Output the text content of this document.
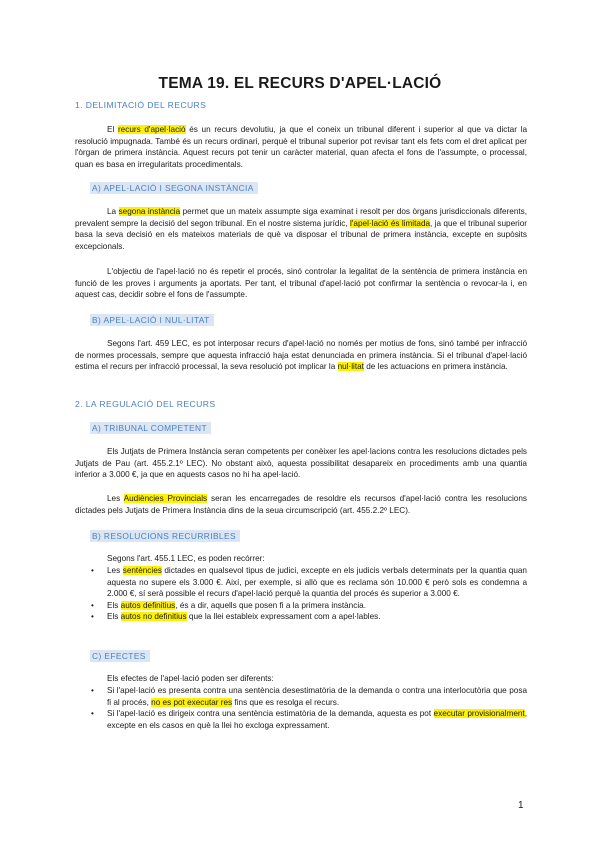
TEMA 19. EL RECURS D'APEL·LACIÓ
1. DELIMITACIÓ DEL RECURS
El recurs d'apel·lació és un recurs devolutiu, ja que el coneix un tribunal diferent i superior al que va dictar la resolució impugnada. També és un recurs ordinari, perquè el tribunal superior pot revisar tant els fets com el dret aplicat per l'òrgan de primera instància. Aquest recurs pot tenir un caràcter material, quan afecta el fons de l'assumpte, o processal, quan es basa en irregularitats procedimentals.
A) APEL·LACIÓ I SEGONA INSTÀNCIA
La segona instància permet que un mateix assumpte siga examinat i resolt per dos òrgans jurisdiccionals diferents, prevalent sempre la decisió del segon tribunal. En el nostre sistema jurídic, l'apel·lació és limitada, ja que el tribunal superior basa la seva decisió en els mateixos materials de què va disposar el tribunal de primera instància, excepte en supòsits excepcionals.
L'objectiu de l'apel·lació no és repetir el procés, sinó controlar la legalitat de la sentència de primera instància en funció de les proves i arguments ja aportats. Per tant, el tribunal d'apel·lació pot confirmar la sentència o revocar-la i, en aquest cas, decidir sobre el fons de l'assumpte.
B) APEL·LACIÓ I NUL·LITAT
Segons l'art. 459 LEC, es pot interposar recurs d'apel·lació no només per motius de fons, sinó també per infracció de normes processals, sempre que aquesta infracció haja estat denunciada en primera instància. Si el tribunal d'apel·lació estima el recurs per infracció processal, la seva resolució pot implicar la nul·litat de les actuacions en primera instància.
2. LA REGULACIÓ DEL RECURS
A) TRIBUNAL COMPETENT
Els Jutjats de Primera Instància seran competents per conèixer les apel·lacions contra les resolucions dictades pels Jutjats de Pau (art. 455.2.1º LEC). No obstant això, aquesta possibilitat desapareix en procediments amb una quantia inferior a 3.000 €, ja que en aquests casos no hi ha apel·lació.
Les Audiències Provincials seran les encarregades de resoldre els recursos d'apel·lació contra les resolucions dictades pels Jutjats de Primera Instància dins de la seua circumscripció (art. 455.2.2º LEC).
B) RESOLUCIONS RECURRIBLES
Segons l'art. 455.1 LEC, es poden recórrer:
• Les sentències dictades en qualsevol tipus de judici, excepte en els judicis verbals determinats per la quantia quan aquesta no supere els 3.000 €. Així, per exemple, si allò que es reclama són 10.000 € però sols es condemna a 2.000 €, sí serà possible el recurs d'apel·lació perquè la quantia del procés és superior a 3.000 €.
• Els autos definitius, és a dir, aquells que posen fi a la primera instància.
• Els autos no definitius que la llei estableix expressament com a apel·lables.
C) EFECTES
Els efectes de l'apel·lació poden ser diferents:
• Si l'apel·lació es presenta contra una sentència desestimatòria de la demanda o contra una interlocutòria que posa fi al procés, no es pot executar res fins que es resolga el recurs.
• Si l'apel·lació es dirigeix contra una sentència estimatòria de la demanda, aquesta es pot executar provisionalment, excepte en els casos en què la llei ho excloga expressament.
1
